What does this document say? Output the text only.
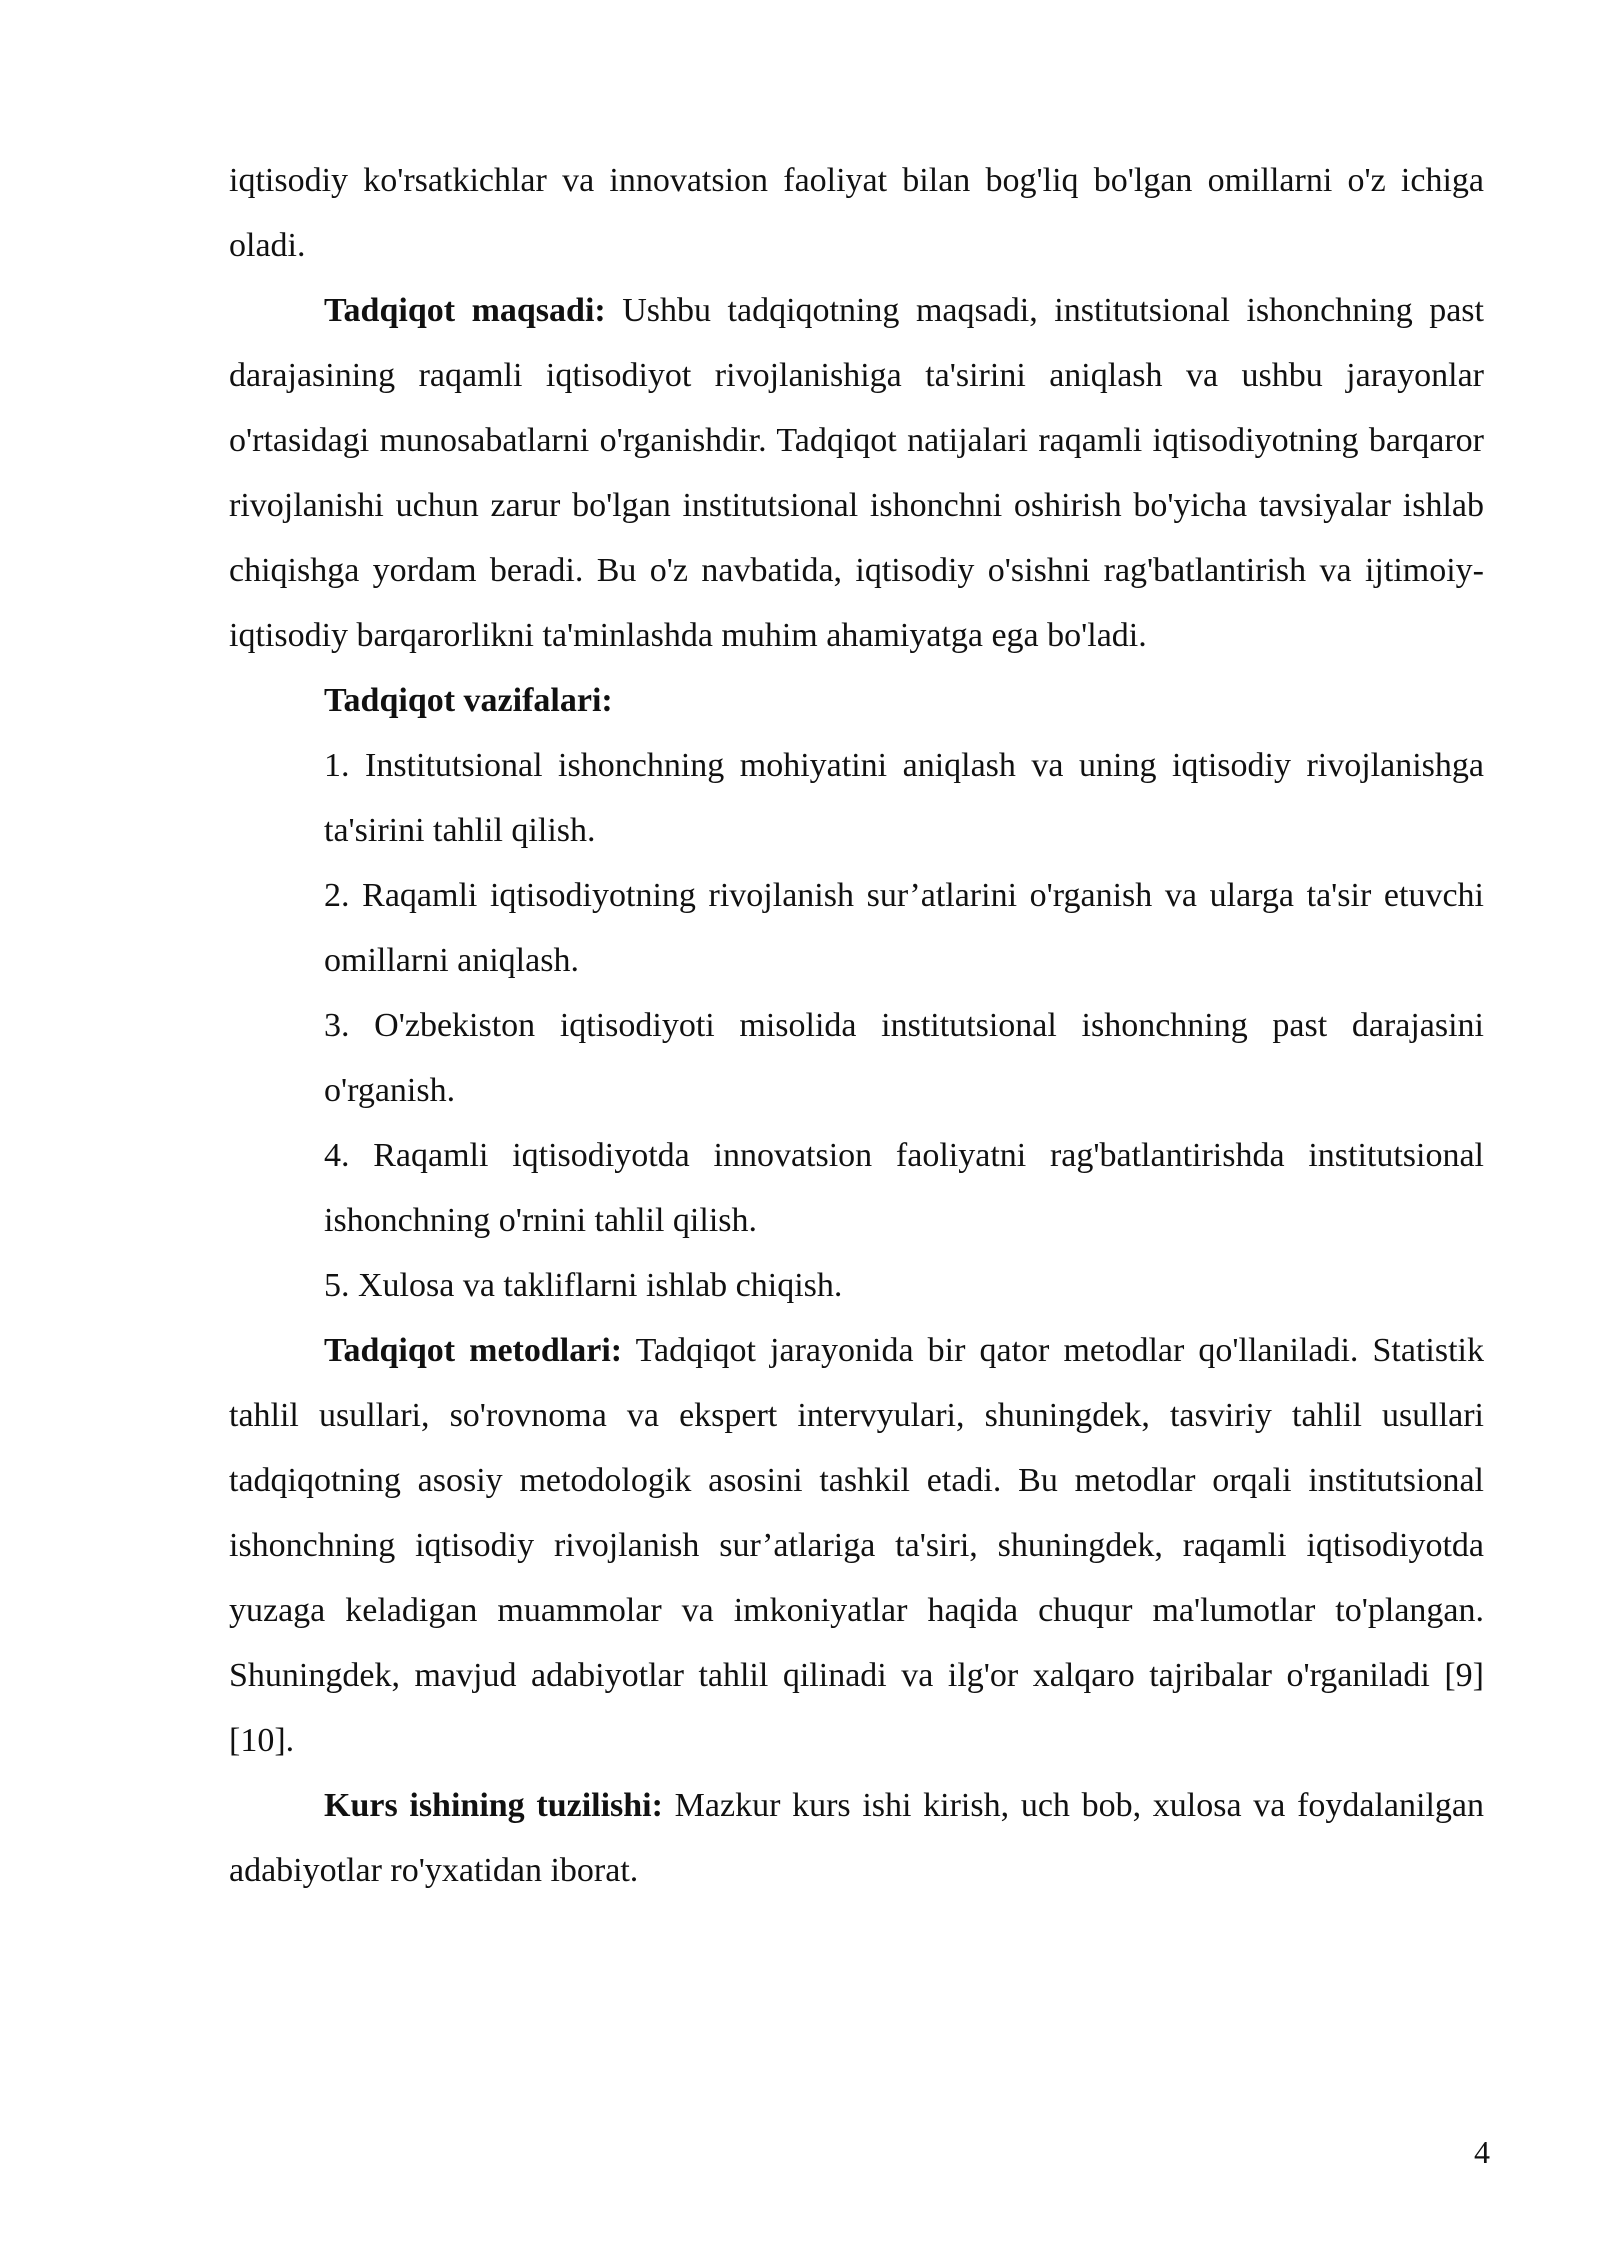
iqtisodiy ko'rsatkichlar va innovatsion faoliyat bilan bog'liq bo'lgan omillarni o'z ichiga oladi.

Tadqiqot maqsadi: Ushbu tadqiqotning maqsadi, institutsional ishonchning past darajasining raqamli iqtisodiyot rivojlanishiga ta'sirini aniqlash va ushbu jarayonlar o'rtasidagi munosabatlarni o'rganishdir. Tadqiqot natijalari raqamli iqtisodiyotning barqaror rivojlanishi uchun zarur bo'lgan institutsional ishonchni oshirish bo'yicha tavsiyalar ishlab chiqishga yordam beradi. Bu o'z navbatida, iqtisodiy o'sishni rag'batlantirish va ijtimoiy-iqtisodiy barqarorlikni ta'minlashda muhim ahamiyatga ega bo'ladi.

Tadqiqot vazifalari:

1. Institutsional ishonchning mohiyatini aniqlash va uning iqtisodiy rivojlanishga ta'sirini tahlil qilish.

2. Raqamli iqtisodiyotning rivojlanish sur’atlarini o'rganish va ularga ta'sir etuvchi omillarni aniqlash.

3. O'zbekiston iqtisodiyoti misolida institutsional ishonchning past darajasini o'rganish.

4. Raqamli iqtisodiyotda innovatsion faoliyatni rag'batlantirishda institutsional ishonchning o'rnini tahlil qilish.

5. Xulosa va takliflarni ishlab chiqish.

Tadqiqot metodlari: Tadqiqot jarayonida bir qator metodlar qo'llaniladi. Statistik tahlil usullari, so'rovnoma va ekspert intervyulari, shuningdek, tasviriy tahlil usullari tadqiqotning asosiy metodologik asosini tashkil etadi. Bu metodlar orqali institutsional ishonchning iqtisodiy rivojlanish sur’atlariga ta'siri, shuningdek, raqamli iqtisodiyotda yuzaga keladigan muammolar va imkoniyatlar haqida chuqur ma'lumotlar to'plangan. Shuningdek, mavjud adabiyotlar tahlil qilinadi va ilg'or xalqaro tajribalar o'rganiladi [9][10].

Kurs ishining tuzilishi: Mazkur kurs ishi kirish, uch bob, xulosa va foydalanilgan adabiyotlar ro'yxatidan iborat.

4
